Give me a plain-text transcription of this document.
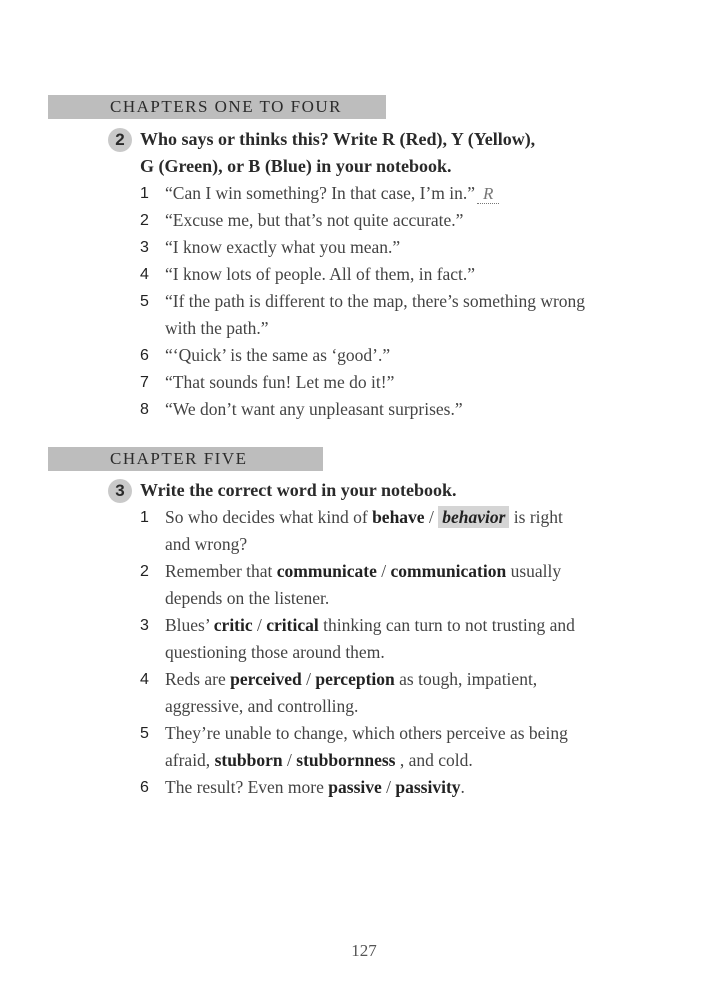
CHAPTERS ONE TO FOUR
2 Who says or thinks this? Write R (Red), Y (Yellow),
G (Green), or B (Blue) in your notebook.
1 “Can I win something? In that case, I’m in.” R
2 “Excuse me, but that’s not quite accurate.”
3 “I know exactly what you mean.”
4 “I know lots of people. All of them, in fact.”
5 “If the path is different to the map, there’s something wrong
with the path.”
6 “‘Quick’ is the same as ‘good’.”
7 “That sounds fun! Let me do it!”
8 “We don’t want any unpleasant surprises.”
CHAPTER FIVE
3 Write the correct word in your notebook.
1 So who decides what kind of behave / behavior is right
and wrong?
2 Remember that communicate / communication usually
depends on the listener.
3 Blues’ critic / critical thinking can turn to not trusting and
questioning those around them.
4 Reds are perceived / perception as tough, impatient,
aggressive, and controlling.
5 They’re unable to change, which others perceive as being
afraid, stubborn / stubbornness , and cold.
6 The result? Even more passive / passivity.
127
